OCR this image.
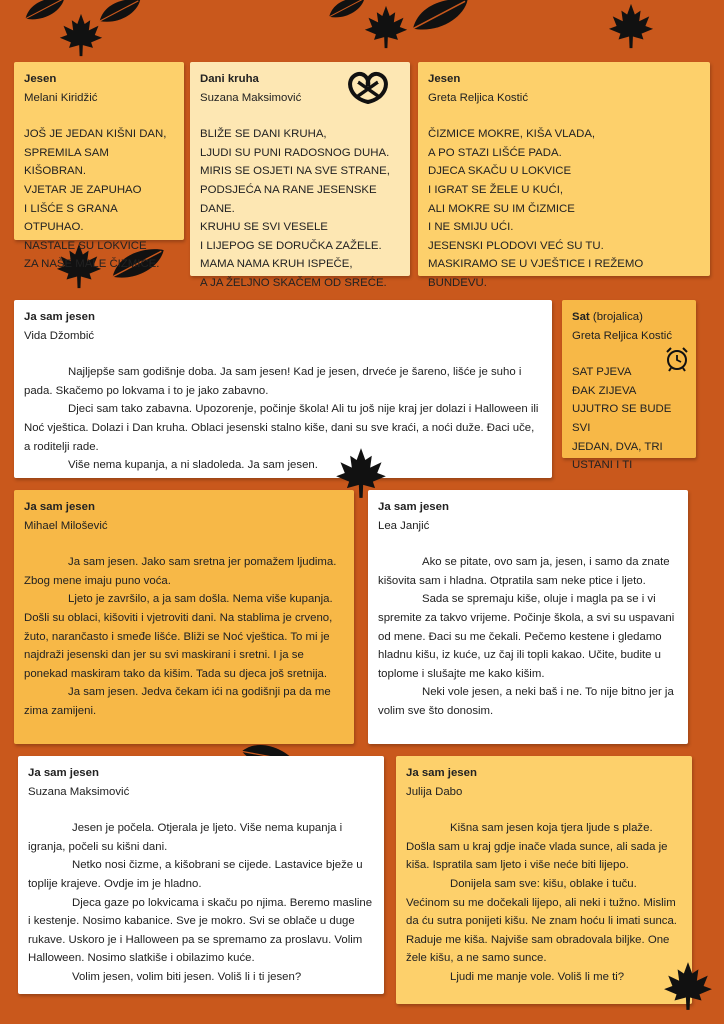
Jesen
Melani Kiridžić

JOŠ JE JEDAN KIŠNI DAN,

SPREMILA SAM KIŠOBRAN.

VJETAR JE ZAPUHAO

I LIŠĆE S GRANA OTPUHAO.

NASTALE SU LOKVICE

ZA NAŠE MALE ČIZMICE.

Dani kruha
Suzana Maksimović

BLIŽE SE DANI KRUHA,

LJUDI SU PUNI RADOSNOG DUHA.

MIRIS SE OSJETI NA SVE STRANE,

PODSJEĆA NA RANE JESENSKE DANE.

KRUHU SE SVI VESELE

I LIJEPOG SE DORUČKA ZAŽELE.

MAMA NAMA KRUH ISPEČE,

A JA ŽELJNO SKAČEM OD SREĆE.

Jesen
Greta Reljica Kostić

ČIZMICE MOKRE, KIŠA VLADA,

A PO STAZI LIŠĆE PADA.

DJECA SKAČU U LOKVICE

I IGRAT SE ŽELE U KUĆI,

ALI MOKRE SU IM ČIZMICE

I NE SMIJU UĆI.

JESENSKI PLODOVI VEĆ SU TU.

MASKIRAMO SE U VJEŠTICE I REŽEMO BUNDEVU.

Ja sam jesen
Vida Džombić

Najljepše sam godišnje doba. Ja sam jesen! Kad je jesen, drveće je šareno, lišće je suho i pada. Skačemo po lokvama i to je jako zabavno.

Djeci sam tako zabavna. Upozorenje, počinje škola! Ali tu još nije kraj jer dolazi i Halloween ili Noć vještica. Dolazi i Dan kruha. Oblaci jesenski stalno kiše, dani su sve kraći, a noći duže. Đaci uče, a roditelji rade.

Više nema kupanja, a ni sladoleda. Ja sam jesen.

Sat (brojalica)
Greta Reljica Kostić

SAT PJEVA

ĐAK ZIJEVA

UJUTRO SE BUDE SVI

JEDAN, DVA, TRI

USTANI I TI

Ja sam jesen
Mihael Milošević

Ja sam jesen. Jako sam sretna jer pomažem ljudima. Zbog mene imaju puno voća.

Ljeto je završilo, a ja sam došla. Nema više kupanja. Došli su oblaci, kišoviti i vjetroviti dani. Na stablima je crveno, žuto, narančasto i smeđe lišće. Bliži se Noć vještica. To mi je najdraži jesenski dan jer su svi maskirani i sretni. I ja se ponekad maskiram tako da kišim. Tada su djeca još sretnija.

Ja sam jesen. Jedva čekam ići na godišnji pa da me zima zamijeni.

Ja sam jesen
Lea Janjić

Ako se pitate, ovo sam ja, jesen, i samo da znate kišovita sam i hladna. Otpratila sam neke ptice i ljeto.

Sada se spremaju kiše, oluje i magla pa se i vi spremite za takvo vrijeme. Počinje škola, a svi su uspavani od mene. Đaci su me čekali. Pečemo kestene i gledamo hladnu kišu, iz kuće, uz čaj ili topli kakao. Učite, budite u toplome i slušajte me kako kišim.

Neki vole jesen, a neki baš i ne. To nije bitno jer ja volim sve što donosim.

Ja sam jesen
Suzana Maksimović

Jesen je počela. Otjerala je ljeto. Više nema kupanja i igranja, počeli su kišni dani.

Netko nosi čizme, a kišobrani se cijede. Lastavice bježe u toplije krajeve. Ovdje im je hladno.

Djeca gaze po lokvicama i skaču po njima. Beremo masline i kestenje. Nosimo kabanice. Sve je mokro. Svi se oblače u duge rukave. Uskoro je i Halloween pa se spremamo za proslavu. Volim Halloween. Nosimo slatkiše i obilazimo kuće.

Volim jesen, volim biti jesen. Voliš li i ti jesen?

Ja sam jesen
Julija Dabo

Kišna sam jesen koja tjera ljude s plaže. Došla sam u kraj gdje inače vlada sunce, ali sada je kiša. Ispratila sam ljeto i više neće biti lijepo.

Donijela sam sve: kišu, oblake i tuču. Većinom su me dočekali lijepo, ali neki i tužno. Mislim da ću sutra ponijeti kišu. Ne znam hoću li imati sunca. Raduje me kiša. Najviše sam obradovala biljke. One žele kišu, a ne samo sunce.

Ljudi me manje vole. Voliš li me ti?
